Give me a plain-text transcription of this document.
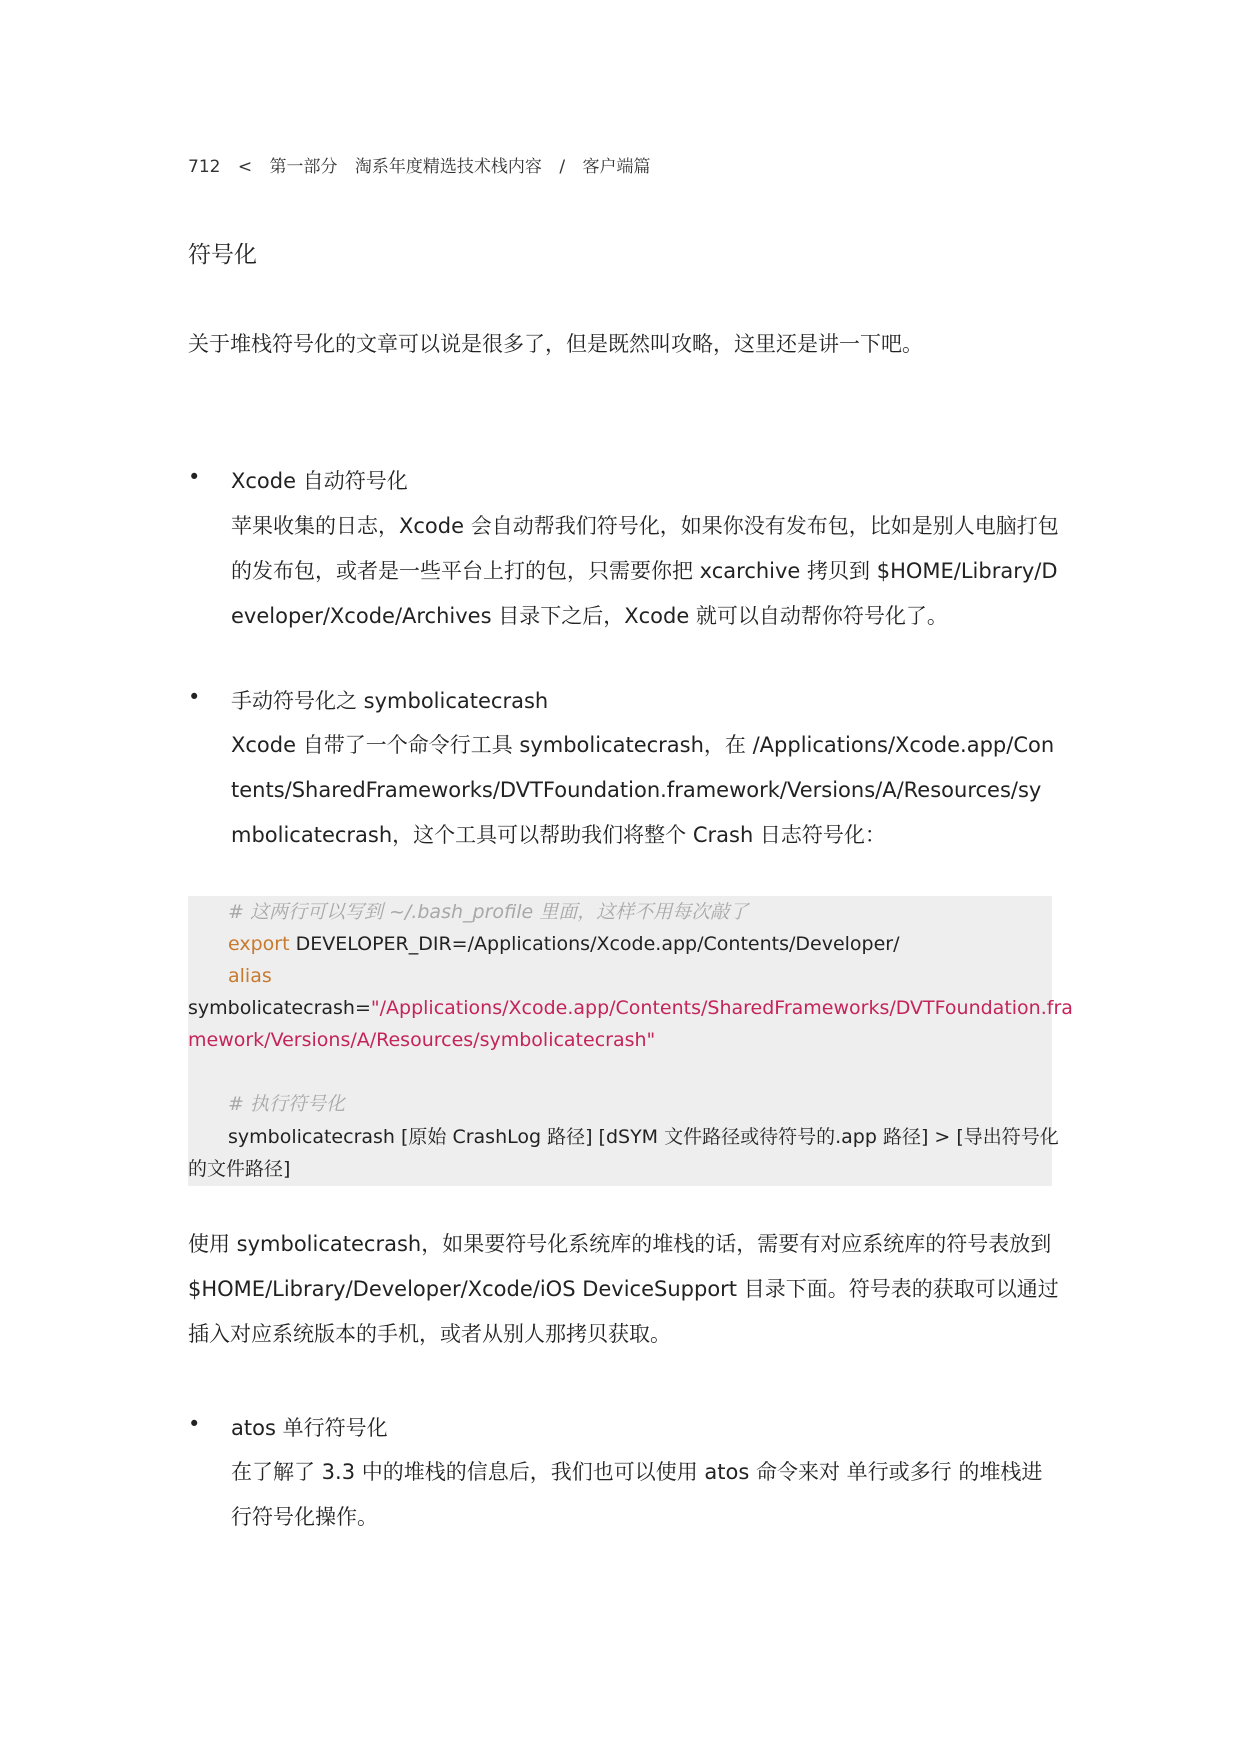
712 < 第一部分 淘系年度精选技术栈内容 / 客户端篇
符号化
关于堆栈符号化的文章可以说是很多了，但是既然叫攻略，这里还是讲一下吧。
• Xcode 自动符号化
苹果收集的日志，Xcode 会自动帮我们符号化，如果你没有发布包，比如是别人电脑打包的发布包，或者是一些平台上打的包，只需要你把 xcarchive 拷贝到 $HOME/Library/Developer/Xcode/Archives 目录下之后，Xcode 就可以自动帮你符号化了。
• 手动符号化之 symbolicatecrash
Xcode 自带了一个命令行工具 symbolicatecrash，在 /Applications/Xcode.app/Contents/SharedFrameworks/DVTFoundation.framework/Versions/A/Resources/symbolicatecrash，这个工具可以帮助我们将整个 Crash 日志符号化：
# 这两行可以写到 ~/.bash_profile 里面，这样不用每次敲了
export DEVELOPER_DIR=/Applications/Xcode.app/Contents/Developer/
alias
symbolicatecrash="/Applications/Xcode.app/Contents/SharedFrameworks/DVTFoundation.fra
mework/Versions/A/Resources/symbolicatecrash"
# 执行符号化
symbolicatecrash [原始 CrashLog 路径] [dSYM 文件路径或待符号的.app 路径] > [导出符号化
的文件路径]
使用 symbolicatecrash，如果要符号化系统库的堆栈的话，需要有对应系统库的符号表放到 $HOME/Library/Developer/Xcode/iOS DeviceSupport 目录下面。符号表的获取可以通过插入对应系统版本的手机，或者从别人那拷贝获取。
• atos 单行符号化
在了解了 3.3 中的堆栈的信息后，我们也可以使用 atos 命令来对 单行或多行 的堆栈进行符号化操作。
